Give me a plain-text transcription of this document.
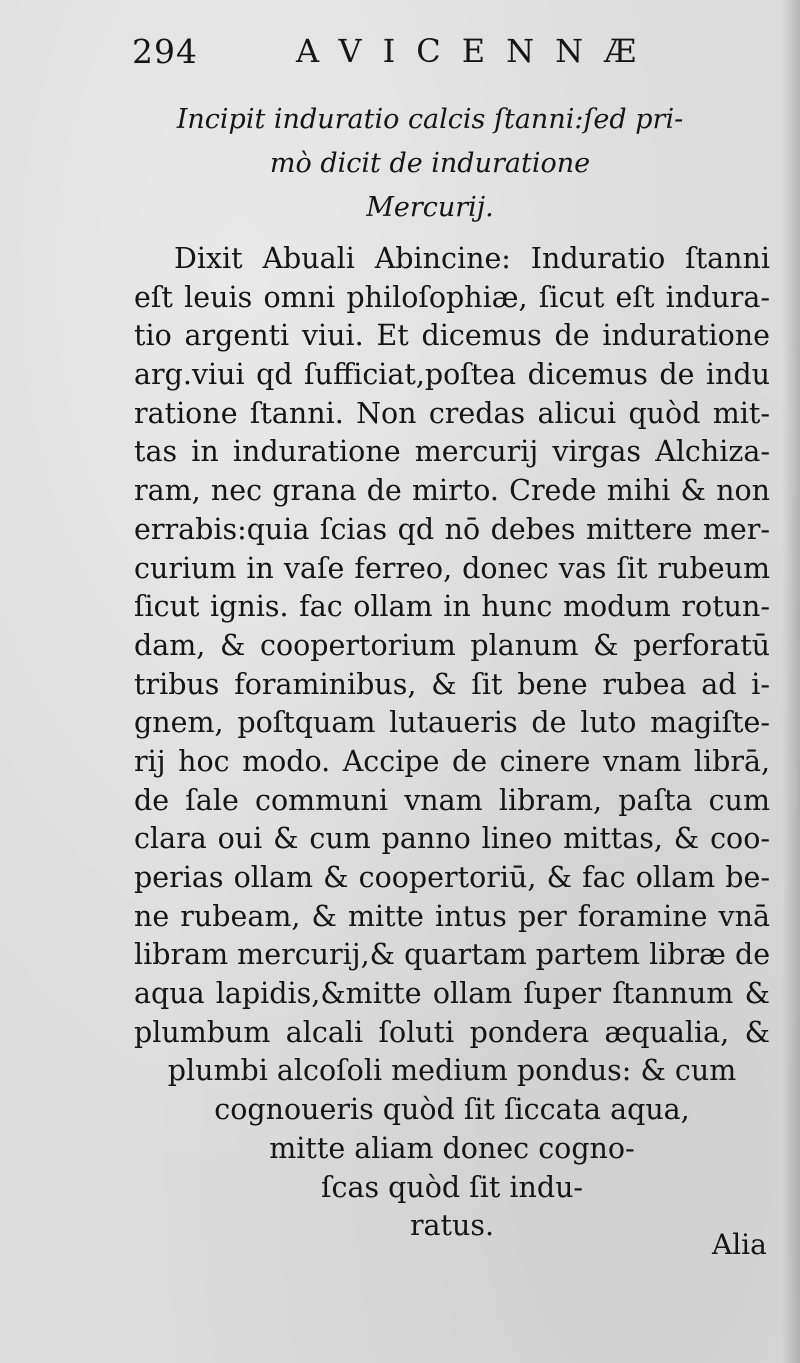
294	AVICENNÆ
Incipit induratio calcis ſtanni:ſed pri-
mò dicit de induratione
Mercurij.
Dixit Abuali Abincine: Induratio ſtanni
eſt leuis omni philoſophiæ, ſicut eſt indura-
tio argenti viui. Et dicemus de induratione
arg.viui qd ſufficiat,poſtea dicemus de indu
ratione ſtanni. Non credas alicui quòd mit-
tas in induratione mercurij virgas Alchiza-
ram, nec grana de mirto. Crede mihi & non
errabis:quia ſcias qd nō debes mittere mer-
curium in vaſe ferreo, donec vas ſit rubeum
ſicut ignis. fac ollam in hunc modum rotun-
dam, & coopertorium planum & perforatū
tribus foraminibus, & ſit bene rubea ad i-
gnem, poſtquam lutaueris de luto magiſte-
rij hoc modo. Accipe de cinere vnam librā,
de ſale communi vnam libram, paſta cum
clara oui & cum panno lineo mittas, & coo-
perias ollam & coopertoriū, & fac ollam be-
ne rubeam, & mitte intus per foramine vnā
libram mercurij,& quartam partem libræ de
aqua lapidis,&mitte ollam ſuper ſtannum &
plumbum alcali ſoluti pondera æqualia, &
plumbi alcoſoli medium pondus: & cum
cognoueris quòd ſit ſiccata aqua,
mitte aliam donec cogno-
ſcas quòd ſit indu-
ratus.
Alia
